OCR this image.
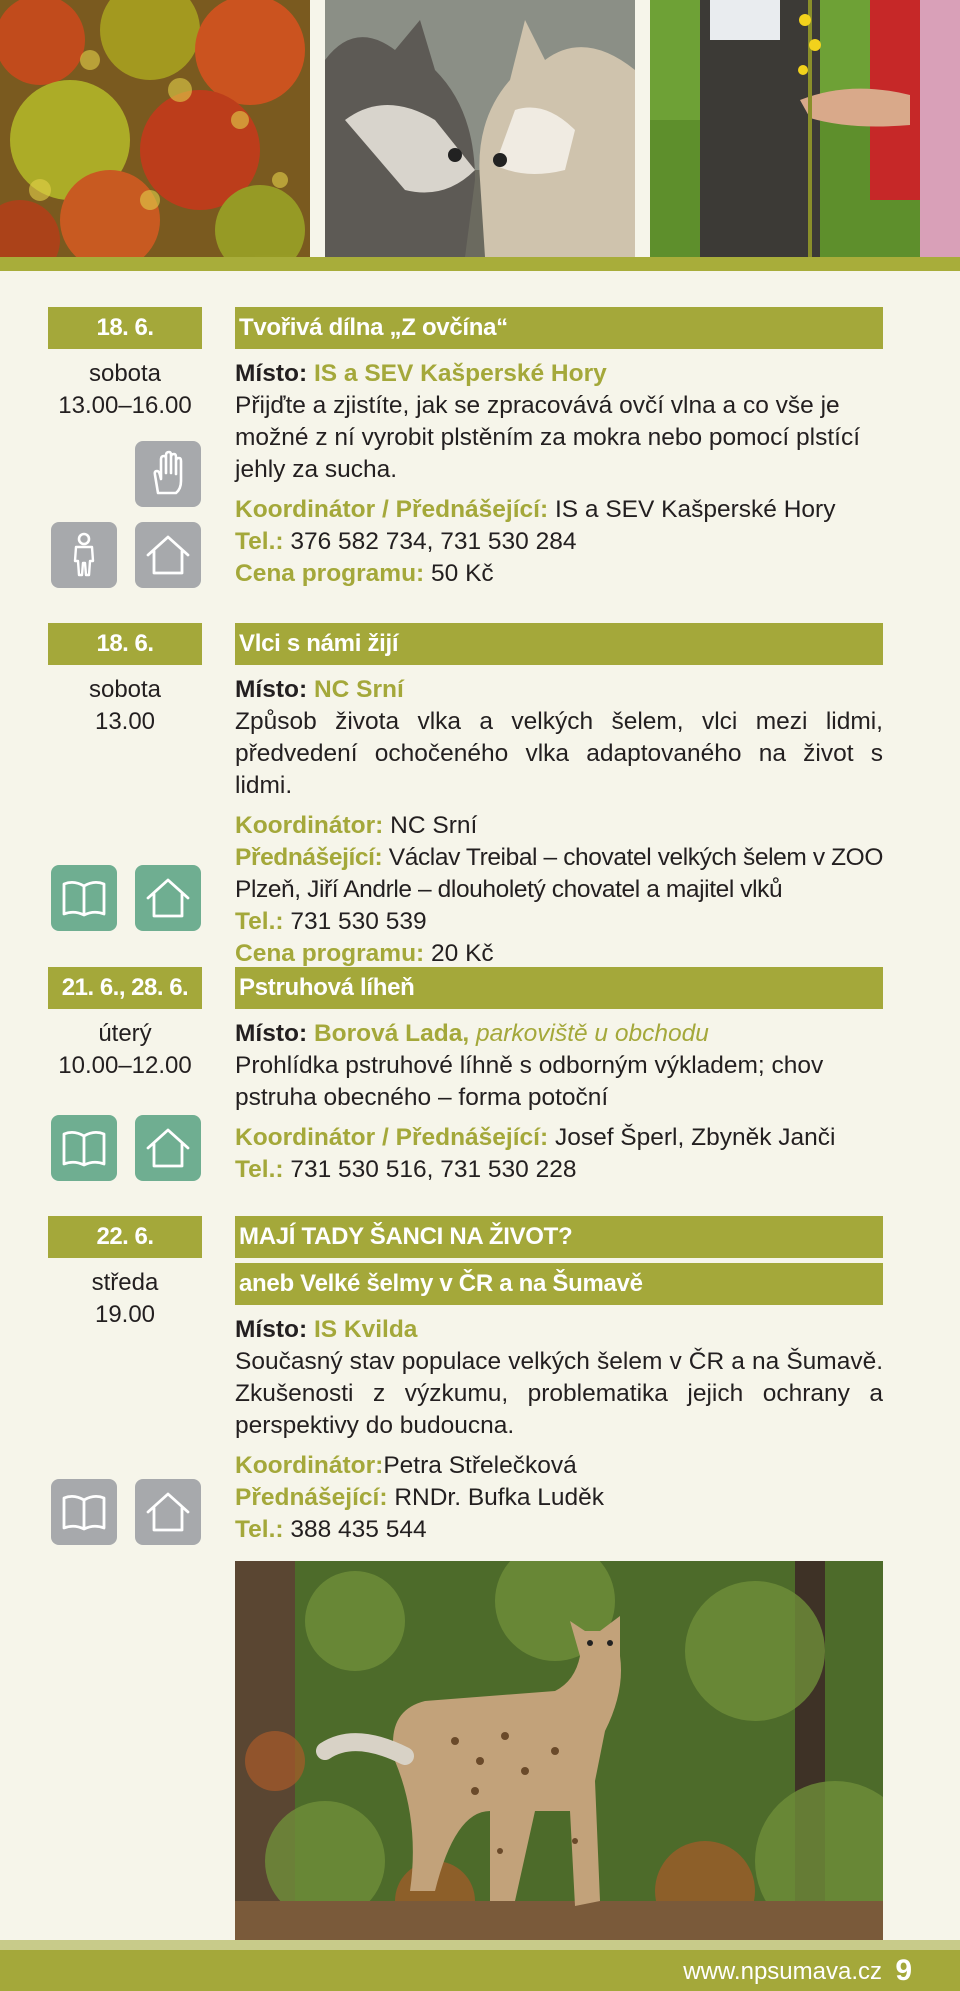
18. 6.	Tvořivá dílna „Z ovčína“
sobota
13.00–16.00

Místo: IS a SEV Kašperské Hory

Přijďte a zjistíte, jak se zpracovává ovčí vlna a co vše je možné z ní vyrobit plstěním za mokra nebo pomocí plstící jehly za sucha.

Koordinátor / Přednášející: IS a SEV Kašperské Hory

Tel.: 376 582 734, 731 530 284

Cena programu: 50 Kč

18. 6.	Vlci s námi žijí
sobota
13.00

Místo: NC Srní

Způsob života vlka a velkých šelem, vlci mezi lidmi, předvedení ochočeného vlka adaptovaného na život s lidmi.

Koordinátor: NC Srní

Přednášející: Václav Treibal – chovatel velkých šelem v ZOO Plzeň, Jiří Andrle – dlouholetý chovatel a majitel vlků

Tel.: 731 530 539

Cena programu: 20 Kč

21. 6., 28. 6.	Pstruhová líheň
úterý
10.00–12.00

Místo: Borová Lada, parkoviště u obchodu

Prohlídka pstruhové líhně s odborným výkladem; chov pstruha obecného – forma potoční

Koordinátor / Přednášející: Josef Šperl, Zbyněk Janči

Tel.: 731 530 516, 731 530 228

22. 6.	MAJÍ TADY ŠANCI NA ŽIVOT?
aneb Velké šelmy v ČR a na Šumavě
středa
19.00

Místo: IS Kvilda

Současný stav populace velkých šelem v ČR a na Šumavě. Zkušenosti z výzkumu, problematika jejich ochrany a perspektivy do budoucna.

Koordinátor:Petra Střelečková

Přednášející: RNDr. Bufka Luděk

Tel.: 388 435 544

www.npsumava.cz 9
